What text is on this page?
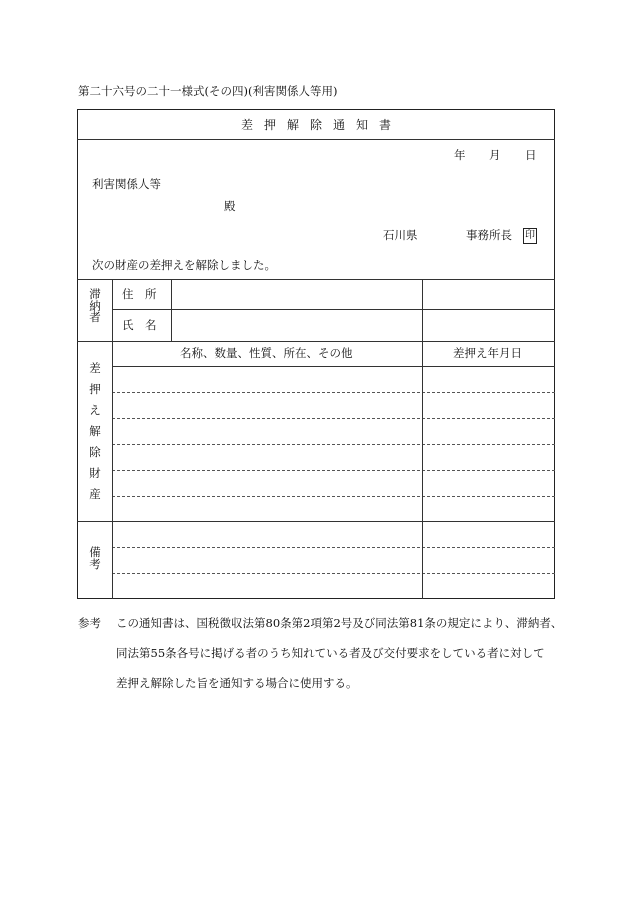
第二十六号の二十一様式(その四)(利害関係人等用)
差押解除通知書
年 月 日
利害関係人等
殿
石川県	事務所長 印
次の財産の差押えを解除しました。
滞
納
者
住　所
氏　名
名称、数量、性質、所在、その他	差押え年月日
差
押
え
解
除
財
産
備
考
参考 この通知書は、国税徴収法第80条第2項第2号及び同法第81条の規定により、滞納者、
同法第55条各号に掲げる者のうち知れている者及び交付要求をしている者に対して
差押え解除した旨を通知する場合に使用する。
